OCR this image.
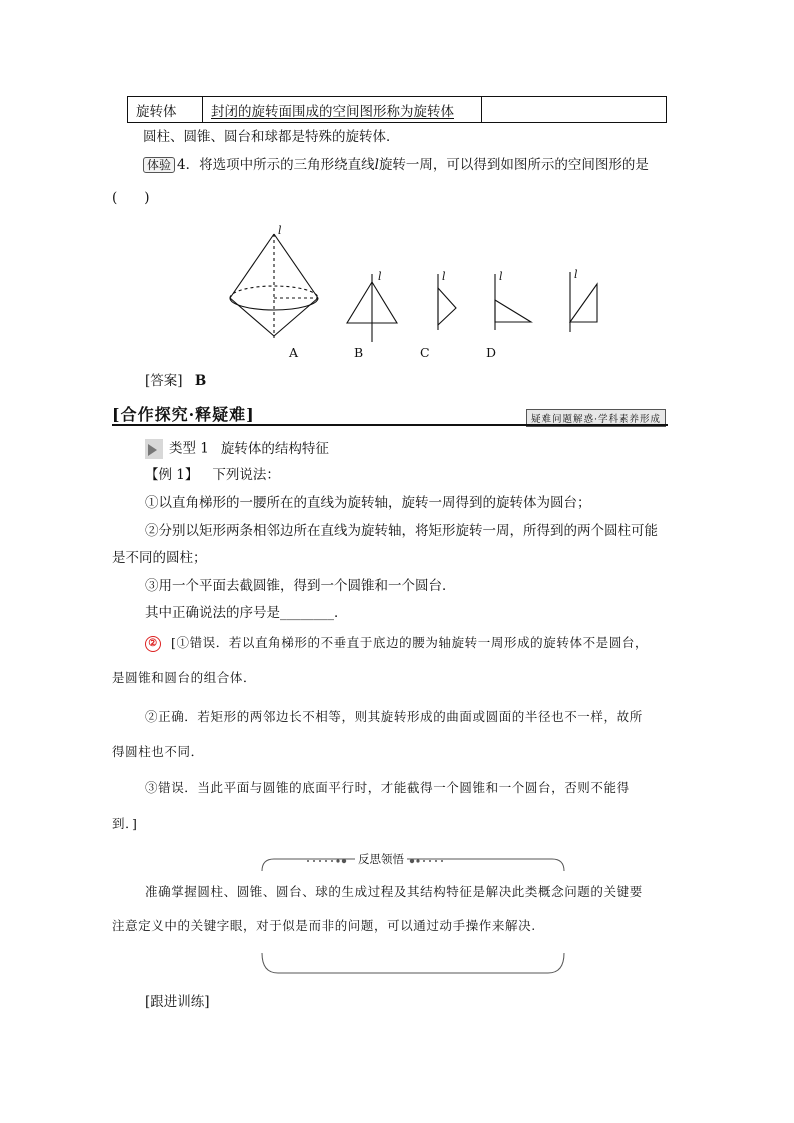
旋转体	封闭的旋转面围成的空间图形称为旋转体	
圆柱、圆锥、圆台和球都是特殊的旋转体．
体验 4．将选项中所示的三角形绕直线l旋转一周，可以得到如图所示的空间图形的是
(　　)
l
l	l	l	l
A	B	C	D
[答案] B
[合作探究·释疑难]	疑难问题解惑·学科素养形成
类型 1 旋转体的结构特征
【例 1】 下列说法：
①以直角梯形的一腰所在的直线为旋转轴，旋转一周得到的旋转体为圆台；
②分别以矩形两条相邻边所在直线为旋转轴，将矩形旋转一周，所得到的两个圆柱可能
是不同的圆柱；
③用一个平面去截圆锥，得到一个圆锥和一个圆台．
其中正确说法的序号是________．
② [①错误．若以直角梯形的不垂直于底边的腰为轴旋转一周形成的旋转体不是圆台，
是圆锥和圆台的组合体．
②正确．若矩形的两邻边长不相等，则其旋转形成的曲面或圆面的半径也不一样，故所
得圆柱也不同．
③错误．当此平面与圆锥的底面平行时，才能截得一个圆锥和一个圆台，否则不能得
到．]
反思领悟
准确掌握圆柱、圆锥、圆台、球的生成过程及其结构特征是解决此类概念问题的关键要
注意定义中的关键字眼，对于似是而非的问题，可以通过动手操作来解决.
[跟进训练]
